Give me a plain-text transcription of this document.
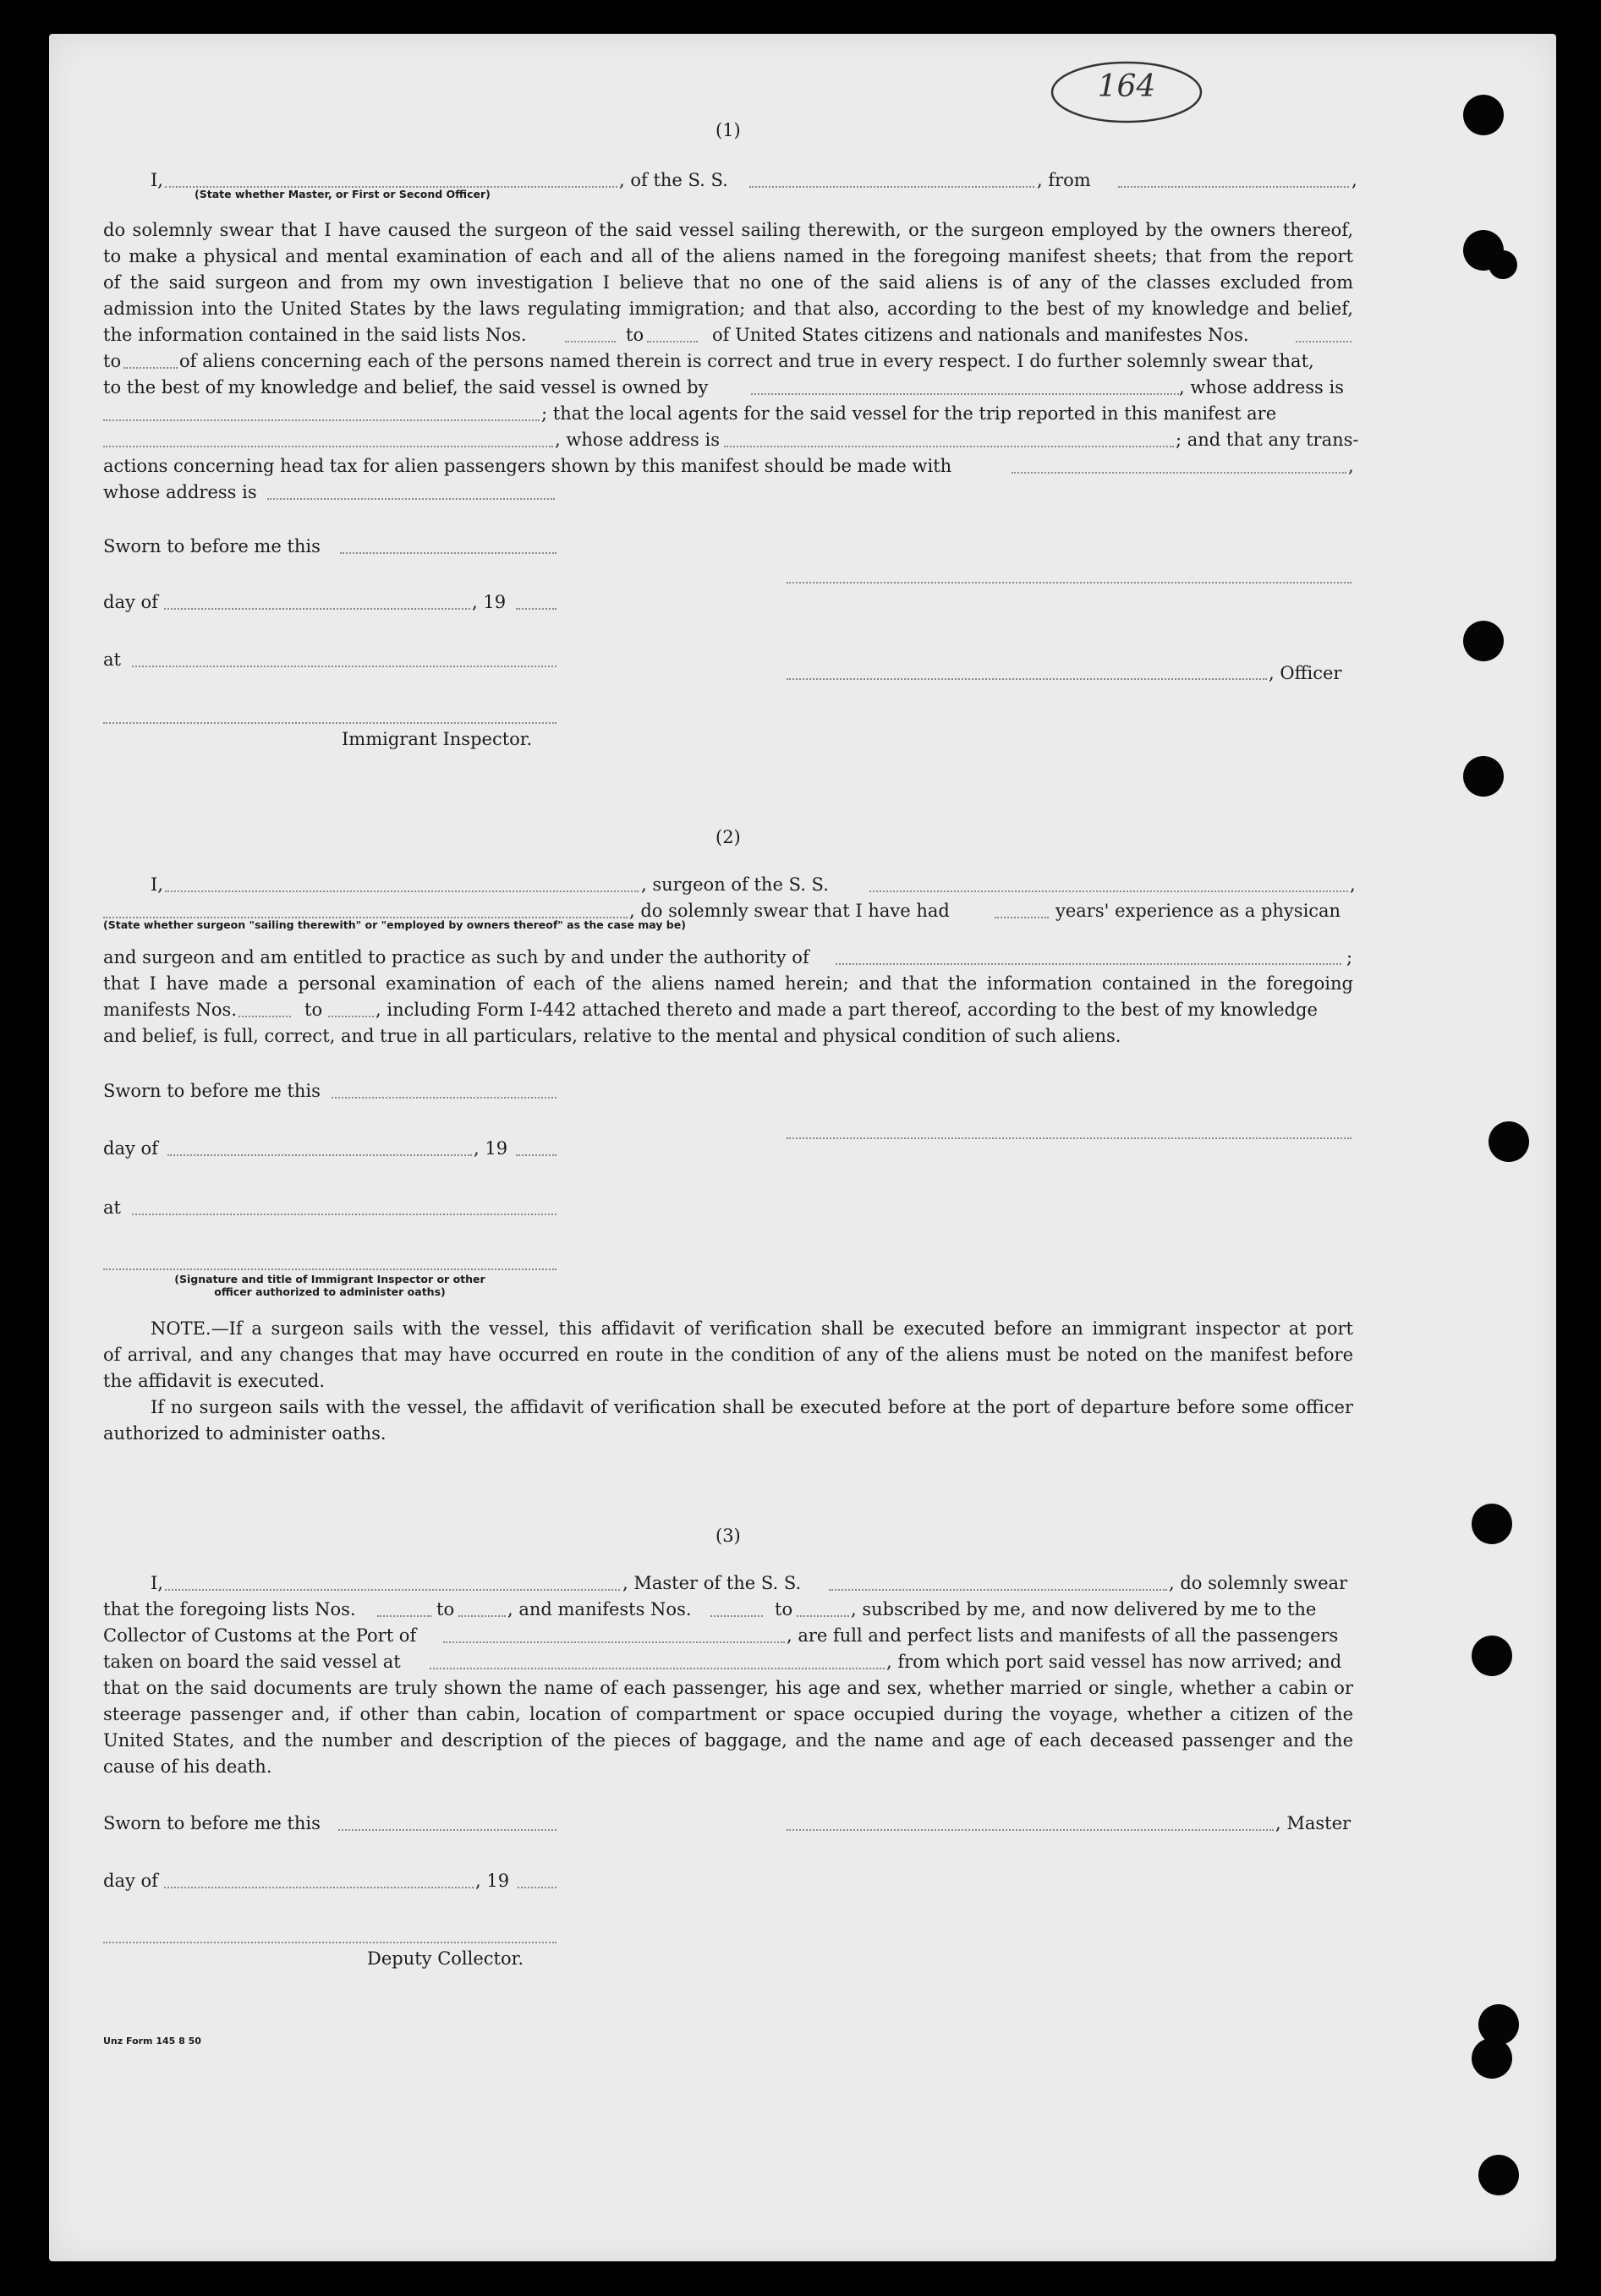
164
(1)
I,	, of the S. S.	, from	,
(State whether Master, or First or Second Officer)
do solemnly swear that I have caused the surgeon of the said vessel sailing therewith, or the surgeon employed by the owners thereof,
to make a physical and mental examination of each and all of the aliens named in the foregoing manifest sheets; that from the report
of the said surgeon and from my own investigation I believe that no one of the said aliens is of any of the classes excluded from
admission into the United States by the laws regulating immigration; and that also, according to the best of my knowledge and belief,
the information contained in the said lists Nos.	to	of United States citizens and nationals and manifestes Nos.
to	of aliens concerning each of the persons named therein is correct and true in every respect. I do further solemnly swear that,
to the best of my knowledge and belief, the said vessel is owned by	, whose address is
; that the local agents for the said vessel for the trip reported in this manifest are
, whose address is	; and that any trans-
actions concerning head tax for alien passengers shown by this manifest should be made with	,
whose address is
Sworn to before me this
day of	, 19
at
, Officer
Immigrant Inspector.
(2)
I,	, surgeon of the S. S.	,
, do solemnly swear that I have had	years' experience as a physican
(State whether surgeon "sailing therewith" or "employed by owners thereof" as the case may be)
and surgeon and am entitled to practice as such by and under the authority of	;
that I have made a personal examination of each of the aliens named herein; and that the information contained in the foregoing
manifests Nos.	to	, including Form I-442 attached thereto and made a part thereof, according to the best of my knowledge
and belief, is full, correct, and true in all particulars, relative to the mental and physical condition of such aliens.
Sworn to before me this
day of	, 19
at
(Signature and title of Immigrant Inspector or other
officer authorized to administer oaths)
NOTE.—If a surgeon sails with the vessel, this affidavit of verification shall be executed before an immigrant inspector at port
of arrival, and any changes that may have occurred en route in the condition of any of the aliens must be noted on the manifest before
the affidavit is executed.
If no surgeon sails with the vessel, the affidavit of verification shall be executed before at the port of departure before some officer
authorized to administer oaths.
(3)
I,	, Master of the S. S.	, do solemnly swear
that the foregoing lists Nos.	to	, and manifests Nos.	to	, subscribed by me, and now delivered by me to the
Collector of Customs at the Port of	, are full and perfect lists and manifests of all the passengers
taken on board the said vessel at	, from which port said vessel has now arrived; and
that on the said documents are truly shown the name of each passenger, his age and sex, whether married or single, whether a cabin or
steerage passenger and, if other than cabin, location of compartment or space occupied during the voyage, whether a citizen of the
United States, and the number and description of the pieces of baggage, and the name and age of each deceased passenger and the
cause of his death.
Sworn to before me this	, Master
day of	, 19
Deputy Collector.
Unz Form 145 8 50
